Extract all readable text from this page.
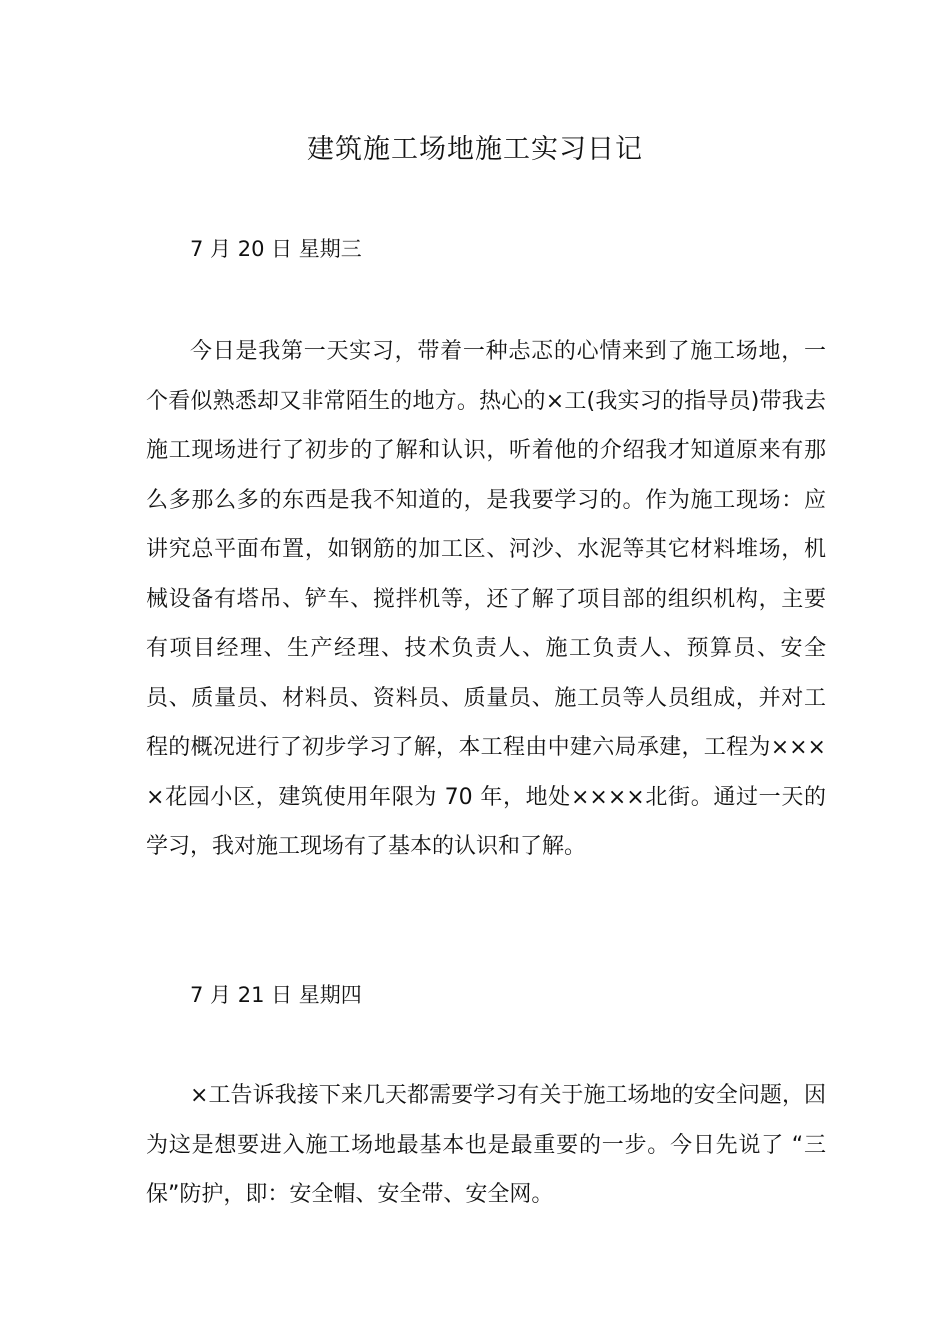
建筑施工场地施工实习日记

7 月 20 日 星期三

今日是我第一天实习，带着一种忐忑的心情来到了施工场地，一个看似熟悉却又非常陌生的地方。热心的×工(我实习的指导员)带我去施工现场进行了初步的了解和认识，听着他的介绍我才知道原来有那么多那么多的东西是我不知道的，是我要学习的。作为施工现场：应讲究总平面布置，如钢筋的加工区、河沙、水泥等其它材料堆场，机械设备有塔吊、铲车、搅拌机等，还了解了项目部的组织机构，主要有项目经理、生产经理、技术负责人、施工负责人、预算员、安全员、质量员、材料员、资料员、质量员、施工员等人员组成，并对工程的概况进行了初步学习了解，本工程由中建六局承建，工程为××××花园小区，建筑使用年限为 70 年，地处××××北街。通过一天的学习，我对施工现场有了基本的认识和了解。

7 月 21 日 星期四

×工告诉我接下来几天都需要学习有关于施工场地的安全问题，因为这是想要进入施工场地最基本也是最重要的一步。今日先说了 “三保”防护，即：安全帽、安全带、安全网。
